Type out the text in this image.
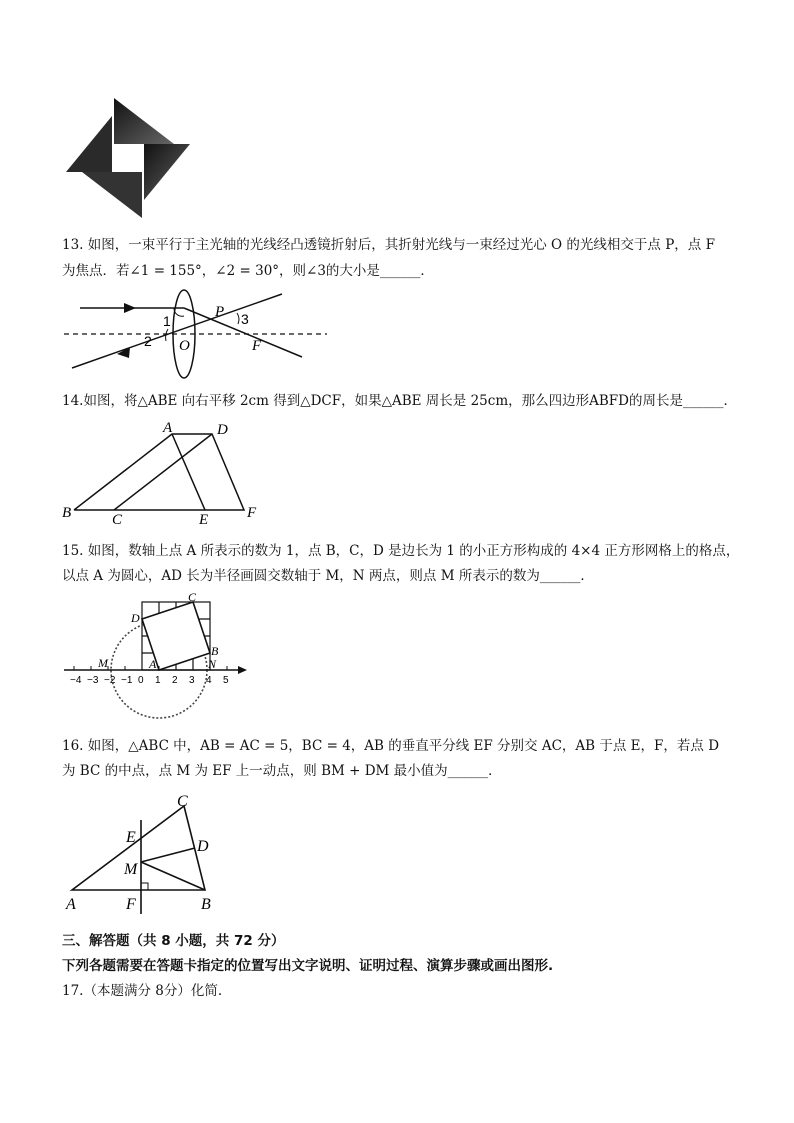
13. 如图，一束平行于主光轴的光线经凸透镜折射后，其折射光线与一束经过光心 O 的光线相交于点 P，点 F
为焦点．若∠1 = 155°，∠2 = 30°，则∠3的大小是______．
1
2
3
P
O	F
14.如图，将△ABE 向右平移 2cm 得到△DCF，如果△ABE 周长是 25cm，那么四边形ABFD的周长是______．
A	D
B	C	E	F
15. 如图，数轴上点 A 所表示的数为 1，点 B，C，D 是边长为 1 的小正方形构成的 4×4 正方形网格上的格点，
以点 A 为圆心，AD 长为半径画圆交数轴于 M，N 两点，则点 M 所表示的数为______．
C
D
B
M	A	N
−4 −3 −2 −1 0 1 2 3 4 5
16. 如图，△ABC 中，AB = AC = 5，BC = 4，AB 的垂直平分线 EF 分别交 AC，AB 于点 E，F，若点 D
为 BC 的中点，点 M 为 EF 上一动点，则 BM + DM 最小值为______．
C
E
D
M
A	F	B
三、解答题（共 8 小题，共 72 分）
下列各题需要在答题卡指定的位置写出文字说明、证明过程、演算步骤或画出图形.
17.（本题满分 8分）化简.
